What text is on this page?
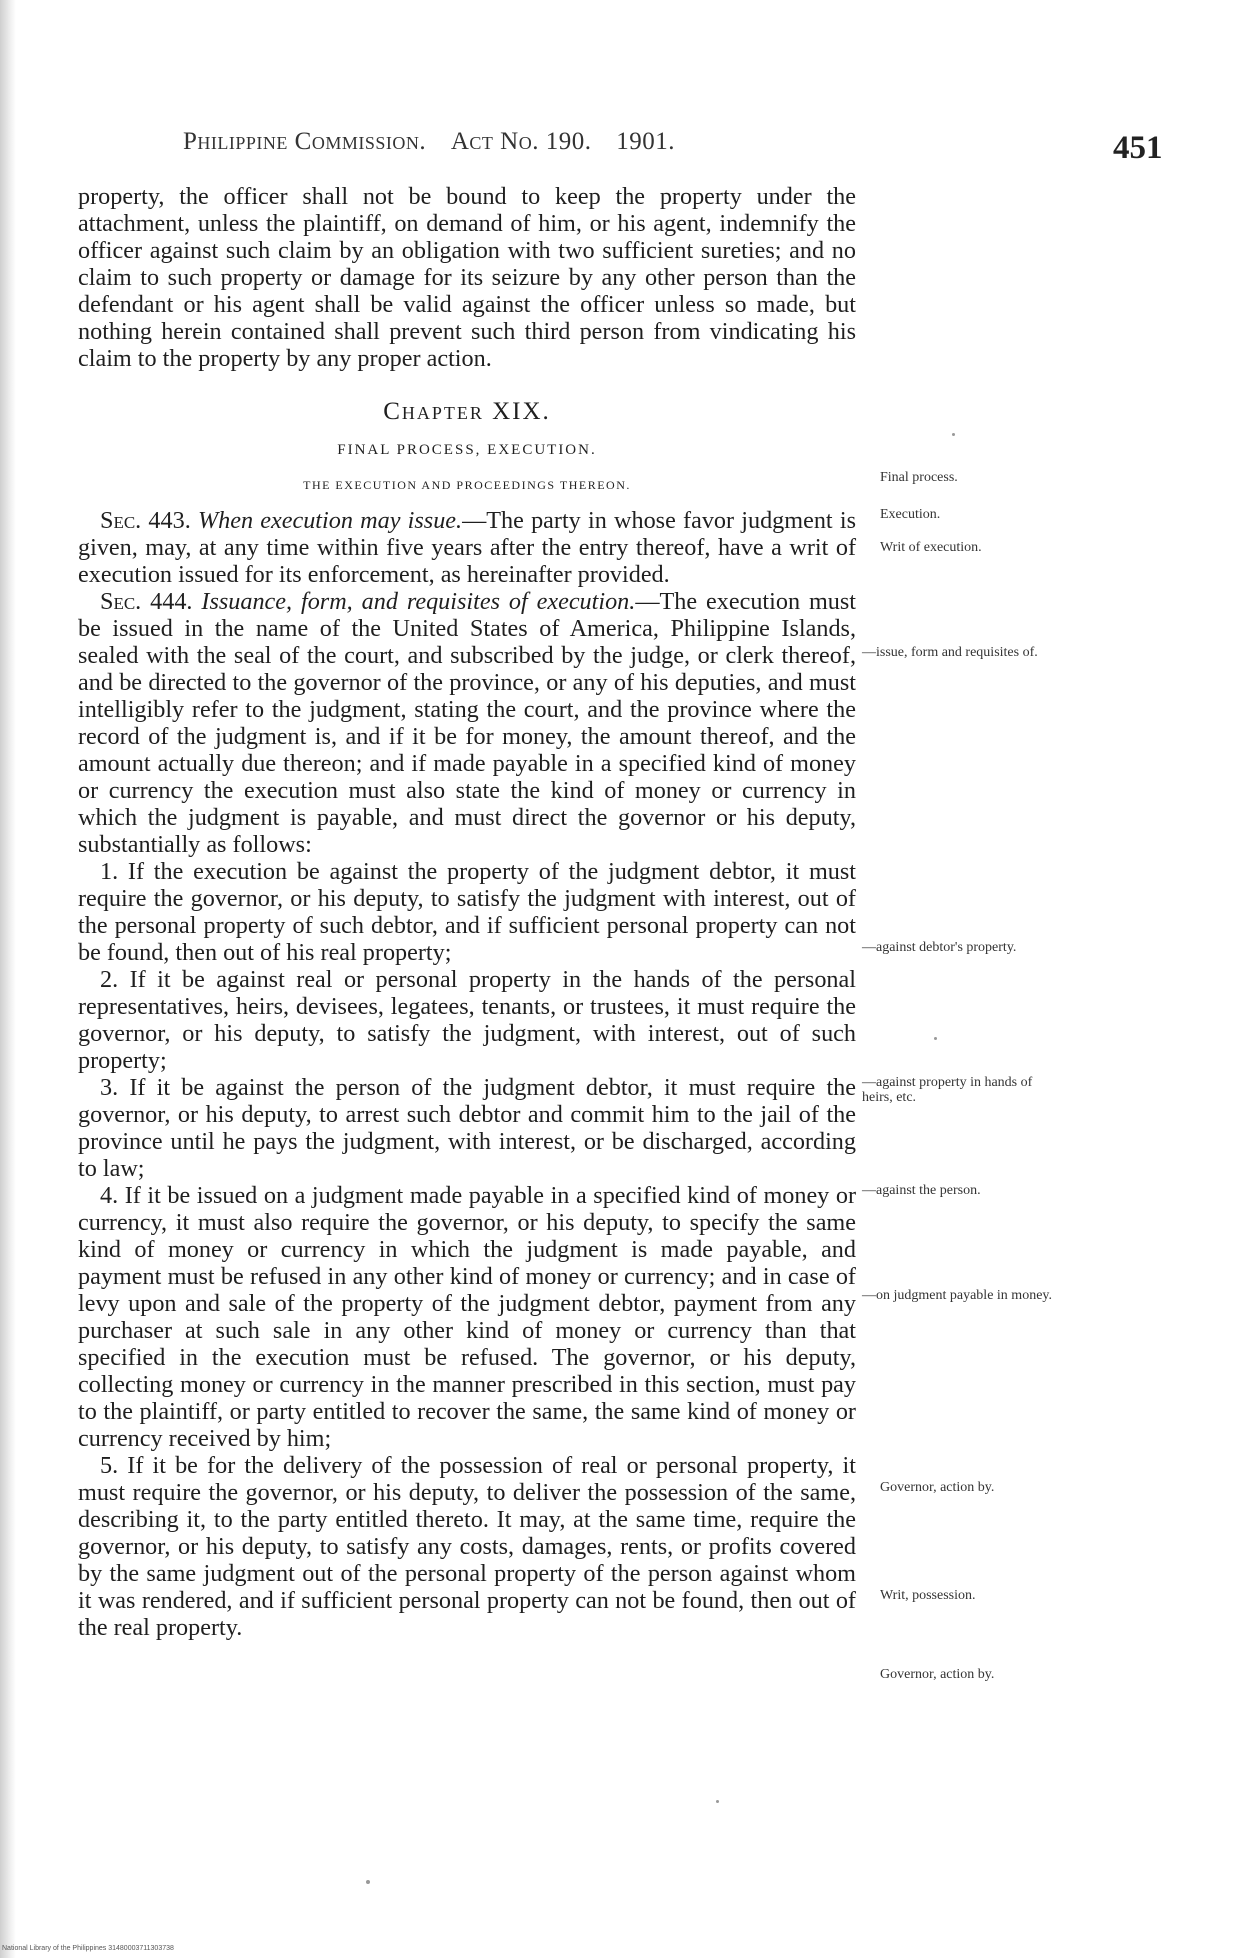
Philippine Commission. Act No. 190. 1901.	451

property, the officer shall not be bound to keep the property under the attachment, unless the plaintiff, on demand of him, or his agent, indemnify the officer against such claim by an obligation with two sufficient sureties; and no claim to such property or damage for its seizure by any other person than the defendant or his agent shall be valid against the officer unless so made, but nothing herein contained shall prevent such third person from vindicating his claim to the property by any proper action.

Chapter XIX.
FINAL PROCESS, EXECUTION.
THE EXECUTION AND PROCEEDINGS THEREON.

Sec. 443. When execution may issue.—The party in whose favor judgment is given, may, at any time within five years after the entry thereof, have a writ of execution issued for its enforcement, as hereinafter provided.

Sec. 444. Issuance, form, and requisites of execution.—The execution must be issued in the name of the United States of America, Philippine Islands, sealed with the seal of the court, and subscribed by the judge, or clerk thereof, and be directed to the governor of the province, or any of his deputies, and must intelligibly refer to the judgment, stating the court, and the province where the record of the judgment is, and if it be for money, the amount thereof, and the amount actually due thereon; and if made payable in a specified kind of money or currency the execution must also state the kind of money or currency in which the judgment is payable, and must direct the governor or his deputy, substantially as follows:

1. If the execution be against the property of the judgment debtor, it must require the governor, or his deputy, to satisfy the judgment with interest, out of the personal property of such debtor, and if sufficient personal property can not be found, then out of his real property;

2. If it be against real or personal property in the hands of the personal representatives, heirs, devisees, legatees, tenants, or trustees, it must require the governor, or his deputy, to satisfy the judgment, with interest, out of such property;

3. If it be against the person of the judgment debtor, it must require the governor, or his deputy, to arrest such debtor and commit him to the jail of the province until he pays the judgment, with interest, or be discharged, according to law;

4. If it be issued on a judgment made payable in a specified kind of money or currency, it must also require the governor, or his deputy, to specify the same kind of money or currency in which the judgment is made payable, and payment must be refused in any other kind of money or currency; and in case of levy upon and sale of the property of the judgment debtor, payment from any purchaser at such sale in any other kind of money or currency than that specified in the execution must be refused. The governor, or his deputy, collecting money or currency in the manner prescribed in this section, must pay to the plaintiff, or party entitled to recover the same, the same kind of money or currency received by him;

5. If it be for the delivery of the possession of real or personal property, it must require the governor, or his deputy, to deliver the possession of the same, describing it, to the party entitled thereto. It may, at the same time, require the governor, or his deputy, to satisfy any costs, damages, rents, or profits covered by the same judgment out of the personal property of the person against whom it was rendered, and if sufficient personal property can not be found, then out of the real property.

Final process.
Execution.
Writ of execution.
—issue, form and requisites of.
—against debtor's property.
—against property in hands of heirs, etc.
—against the person.
—on judgment payable in money.
Governor, action by.
Writ, possession.
Governor, action by.
National Library of the Philippines 31480003711303738
